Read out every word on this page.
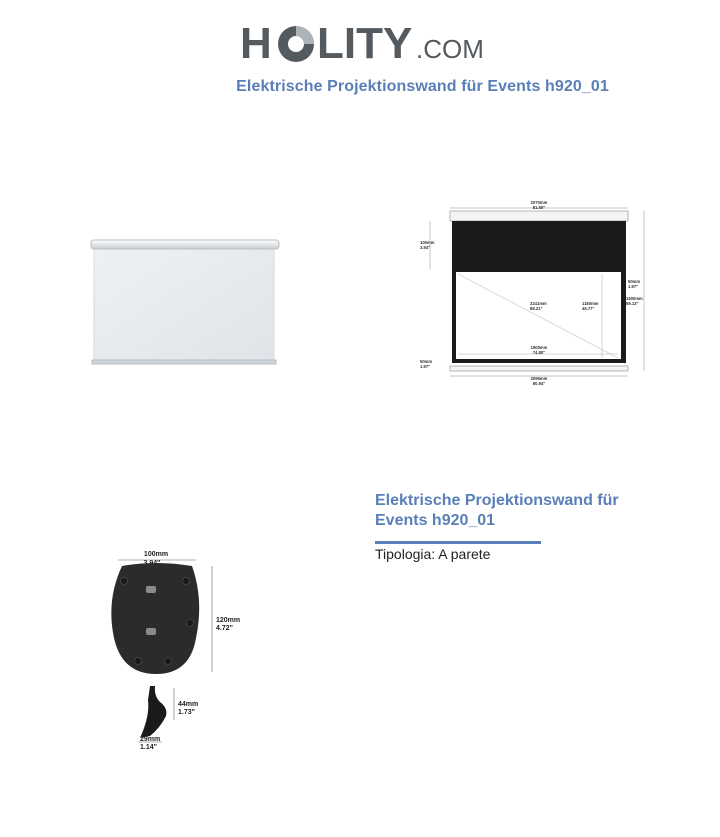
H LITY .COM
Elektrische Projektionswand für Events h920_01
2070mm
81.50"
100mm
3.94"
50mm
1.97"
1500mm
59.13"
2241mm
88.21"
1180mm
46.77"
1900mm
74.80"
50mm
1.97"
2096mm
80.94"
100mm
120mm
4.72"
44mm
1.73"
29mm
1.14"
Elektrische Projektionswand für Events h920_01
Tipologia: A parete
